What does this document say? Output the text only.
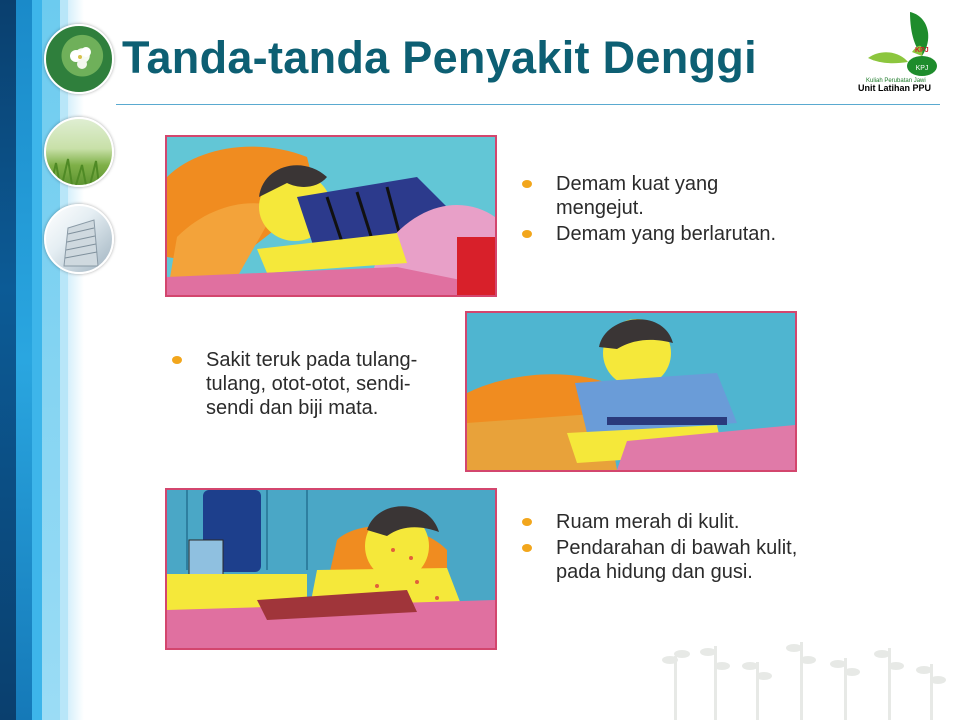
Tanda-tanda Penyakit Denggi	KPJ
KPJ
Kuliah Perubatan Jawi
Unit Latihan PPU
Demam kuat yang mengejut.
Demam yang berlarutan.
Sakit teruk pada tulang-tulang, otot-otot, sendi-sendi dan biji mata.
Ruam merah di kulit.
Pendarahan di bawah kulit, pada hidung dan gusi.
